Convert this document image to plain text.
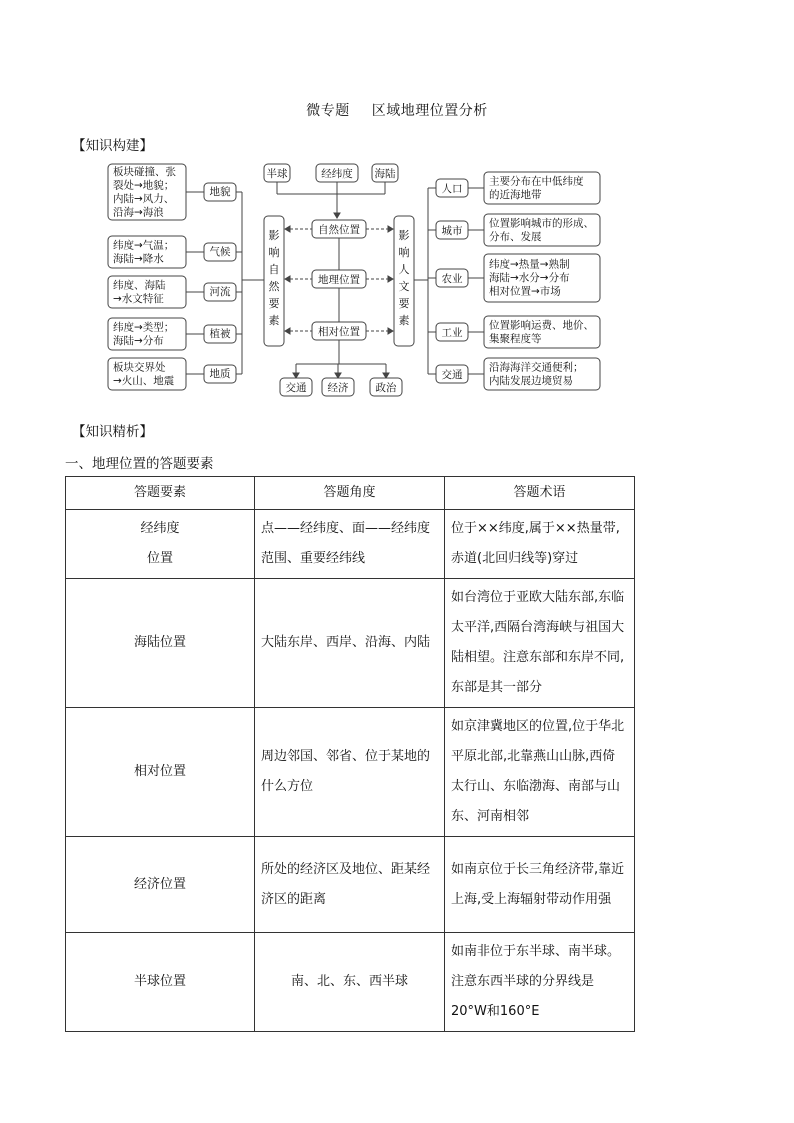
微专题 区域地理位置分析
【知识构建】
板块碰撞、张
裂处→地貌；
内陆→风力、
沿海→海浪
地貌
纬度→气温；
海陆→降水
气候
纬度、海陆
→水文特征
河流
纬度→类型；
海陆→分布
植被
板块交界处
→火山、地震
地质
影
响
自
然
要
素
影
响
人
文
要
素
半球	经纬度 海陆
自然位置
地理位置
相对位置
交通 经济	政治
人口
主要分布在中低纬度
的近海地带
城市
位置影响城市的形成、
分布、发展
农业
纬度→热量→熟制
海陆→水分→分布
相对位置→市场
工业
位置影响运费、地价、
集聚程度等
交通
沿海海洋交通便利；
内陆发展边境贸易
【知识精析】
一、地理位置的答题要素
答题要素	答题角度	答题术语

经纬度
位置	点——经纬度、面——经纬度范围、重要经纬线	位于××纬度,属于××热量带,赤道(北回归线等)穿过

海陆位置	大陆东岸、西岸、沿海、内陆	如台湾位于亚欧大陆东部,东临太平洋,西隔台湾海峡与祖国大陆相望。注意东部和东岸不同,东部是其一部分

相对位置	周边邻国、邻省、位于某地的什么方位	如京津冀地区的位置,位于华北平原北部,北靠燕山山脉,西倚太行山、东临渤海、南部与山东、河南相邻

经济位置	所处的经济区及地位、距某经济区的距离	如南京位于长三角经济带,靠近上海,受上海辐射带动作用强

半球位置	南、北、东、西半球	如南非位于东半球、南半球。注意东西半球的分界线是 20°W和160°E
